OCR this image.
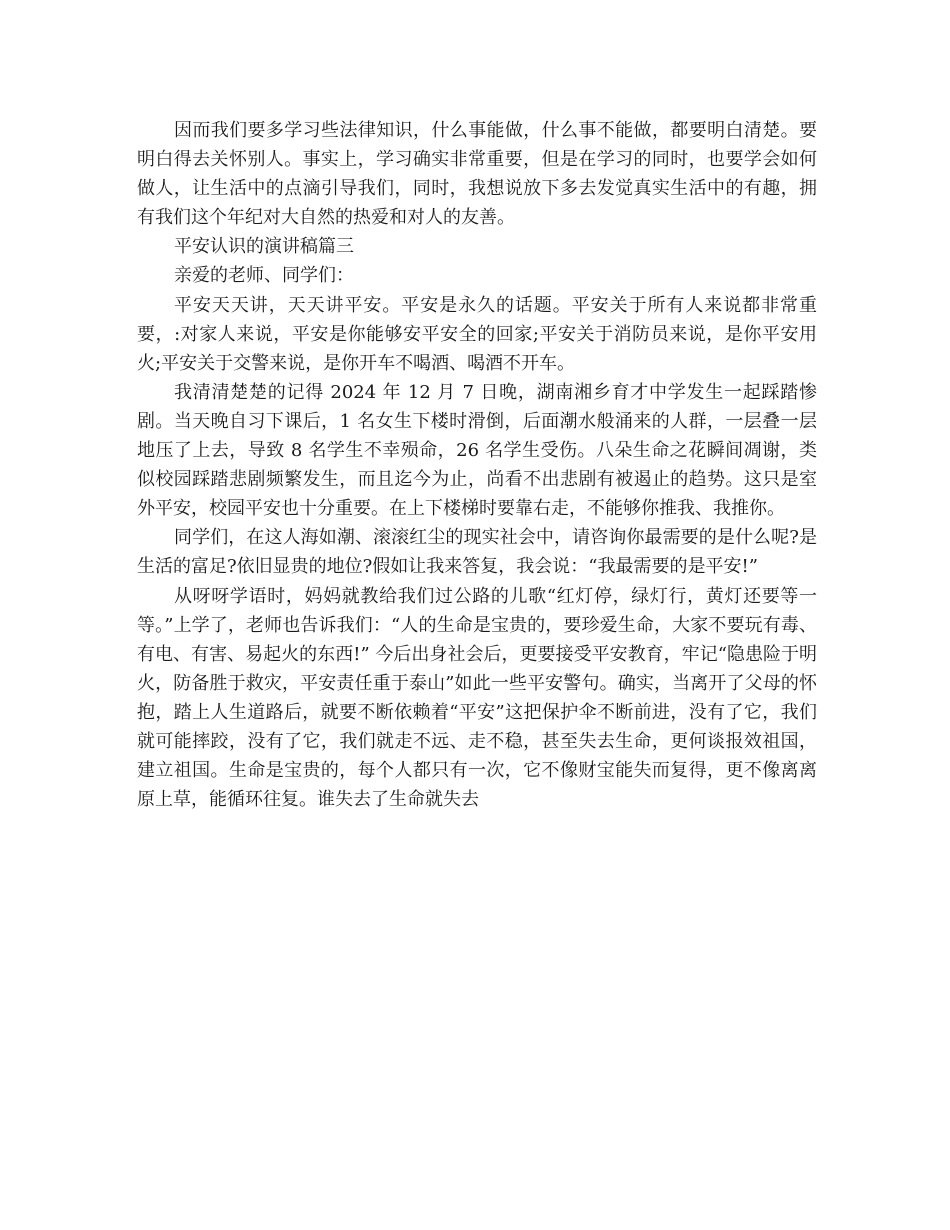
因而我们要多学习些法律知识，什么事能做，什么事不能做，都要明白清楚。要明白得去关怀别人。事实上，学习确实非常重要，但是在学习的同时，也要学会如何做人，让生活中的点滴引导我们，同时，我想说放下多去发觉真实生活中的有趣，拥有我们这个年纪对大自然的热爱和对人的友善。

平安认识的演讲稿篇三

亲爱的老师、同学们：

平安天天讲，天天讲平安。平安是永久的话题。平安关于所有人来说都非常重要，:对家人来说，平安是你能够安平安全的回家;平安关于消防员来说，是你平安用火;平安关于交警来说，是你开车不喝酒、喝酒不开车。

我清清楚楚的记得 2024 年 12 月 7 日晚，湖南湘乡育才中学发生一起踩踏惨剧。当天晚自习下课后，1 名女生下楼时滑倒，后面潮水般涌来的人群，一层叠一层地压了上去，导致 8 名学生不幸殒命，26 名学生受伤。八朵生命之花瞬间凋谢，类似校园踩踏悲剧频繁发生，而且迄今为止，尚看不出悲剧有被遏止的趋势。这只是室外平安，校园平安也十分重要。在上下楼梯时要靠右走，不能够你推我、我推你。

同学们，在这人海如潮、滚滚红尘的现实社会中，请咨询你最需要的是什么呢?是生活的富足?依旧显贵的地位?假如让我来答复，我会说：“我最需要的是平安!”

从呀呀学语时，妈妈就教给我们过公路的儿歌“红灯停，绿灯行，黄灯还要等一等。”上学了，老师也告诉我们：“人的生命是宝贵的，要珍爱生命，大家不要玩有毒、有电、有害、易起火的东西!” 今后出身社会后，更要接受平安教育，牢记“隐患险于明火，防备胜于救灾，平安责任重于泰山”如此一些平安警句。确实，当离开了父母的怀抱，踏上人生道路后，就要不断依赖着“平安”这把保护伞不断前进，没有了它，我们就可能摔跤，没有了它，我们就走不远、走不稳，甚至失去生命，更何谈报效祖国，建立祖国。生命是宝贵的，每个人都只有一次，它不像财宝能失而复得，更不像离离原上草，能循环往复。谁失去了生命就失去
